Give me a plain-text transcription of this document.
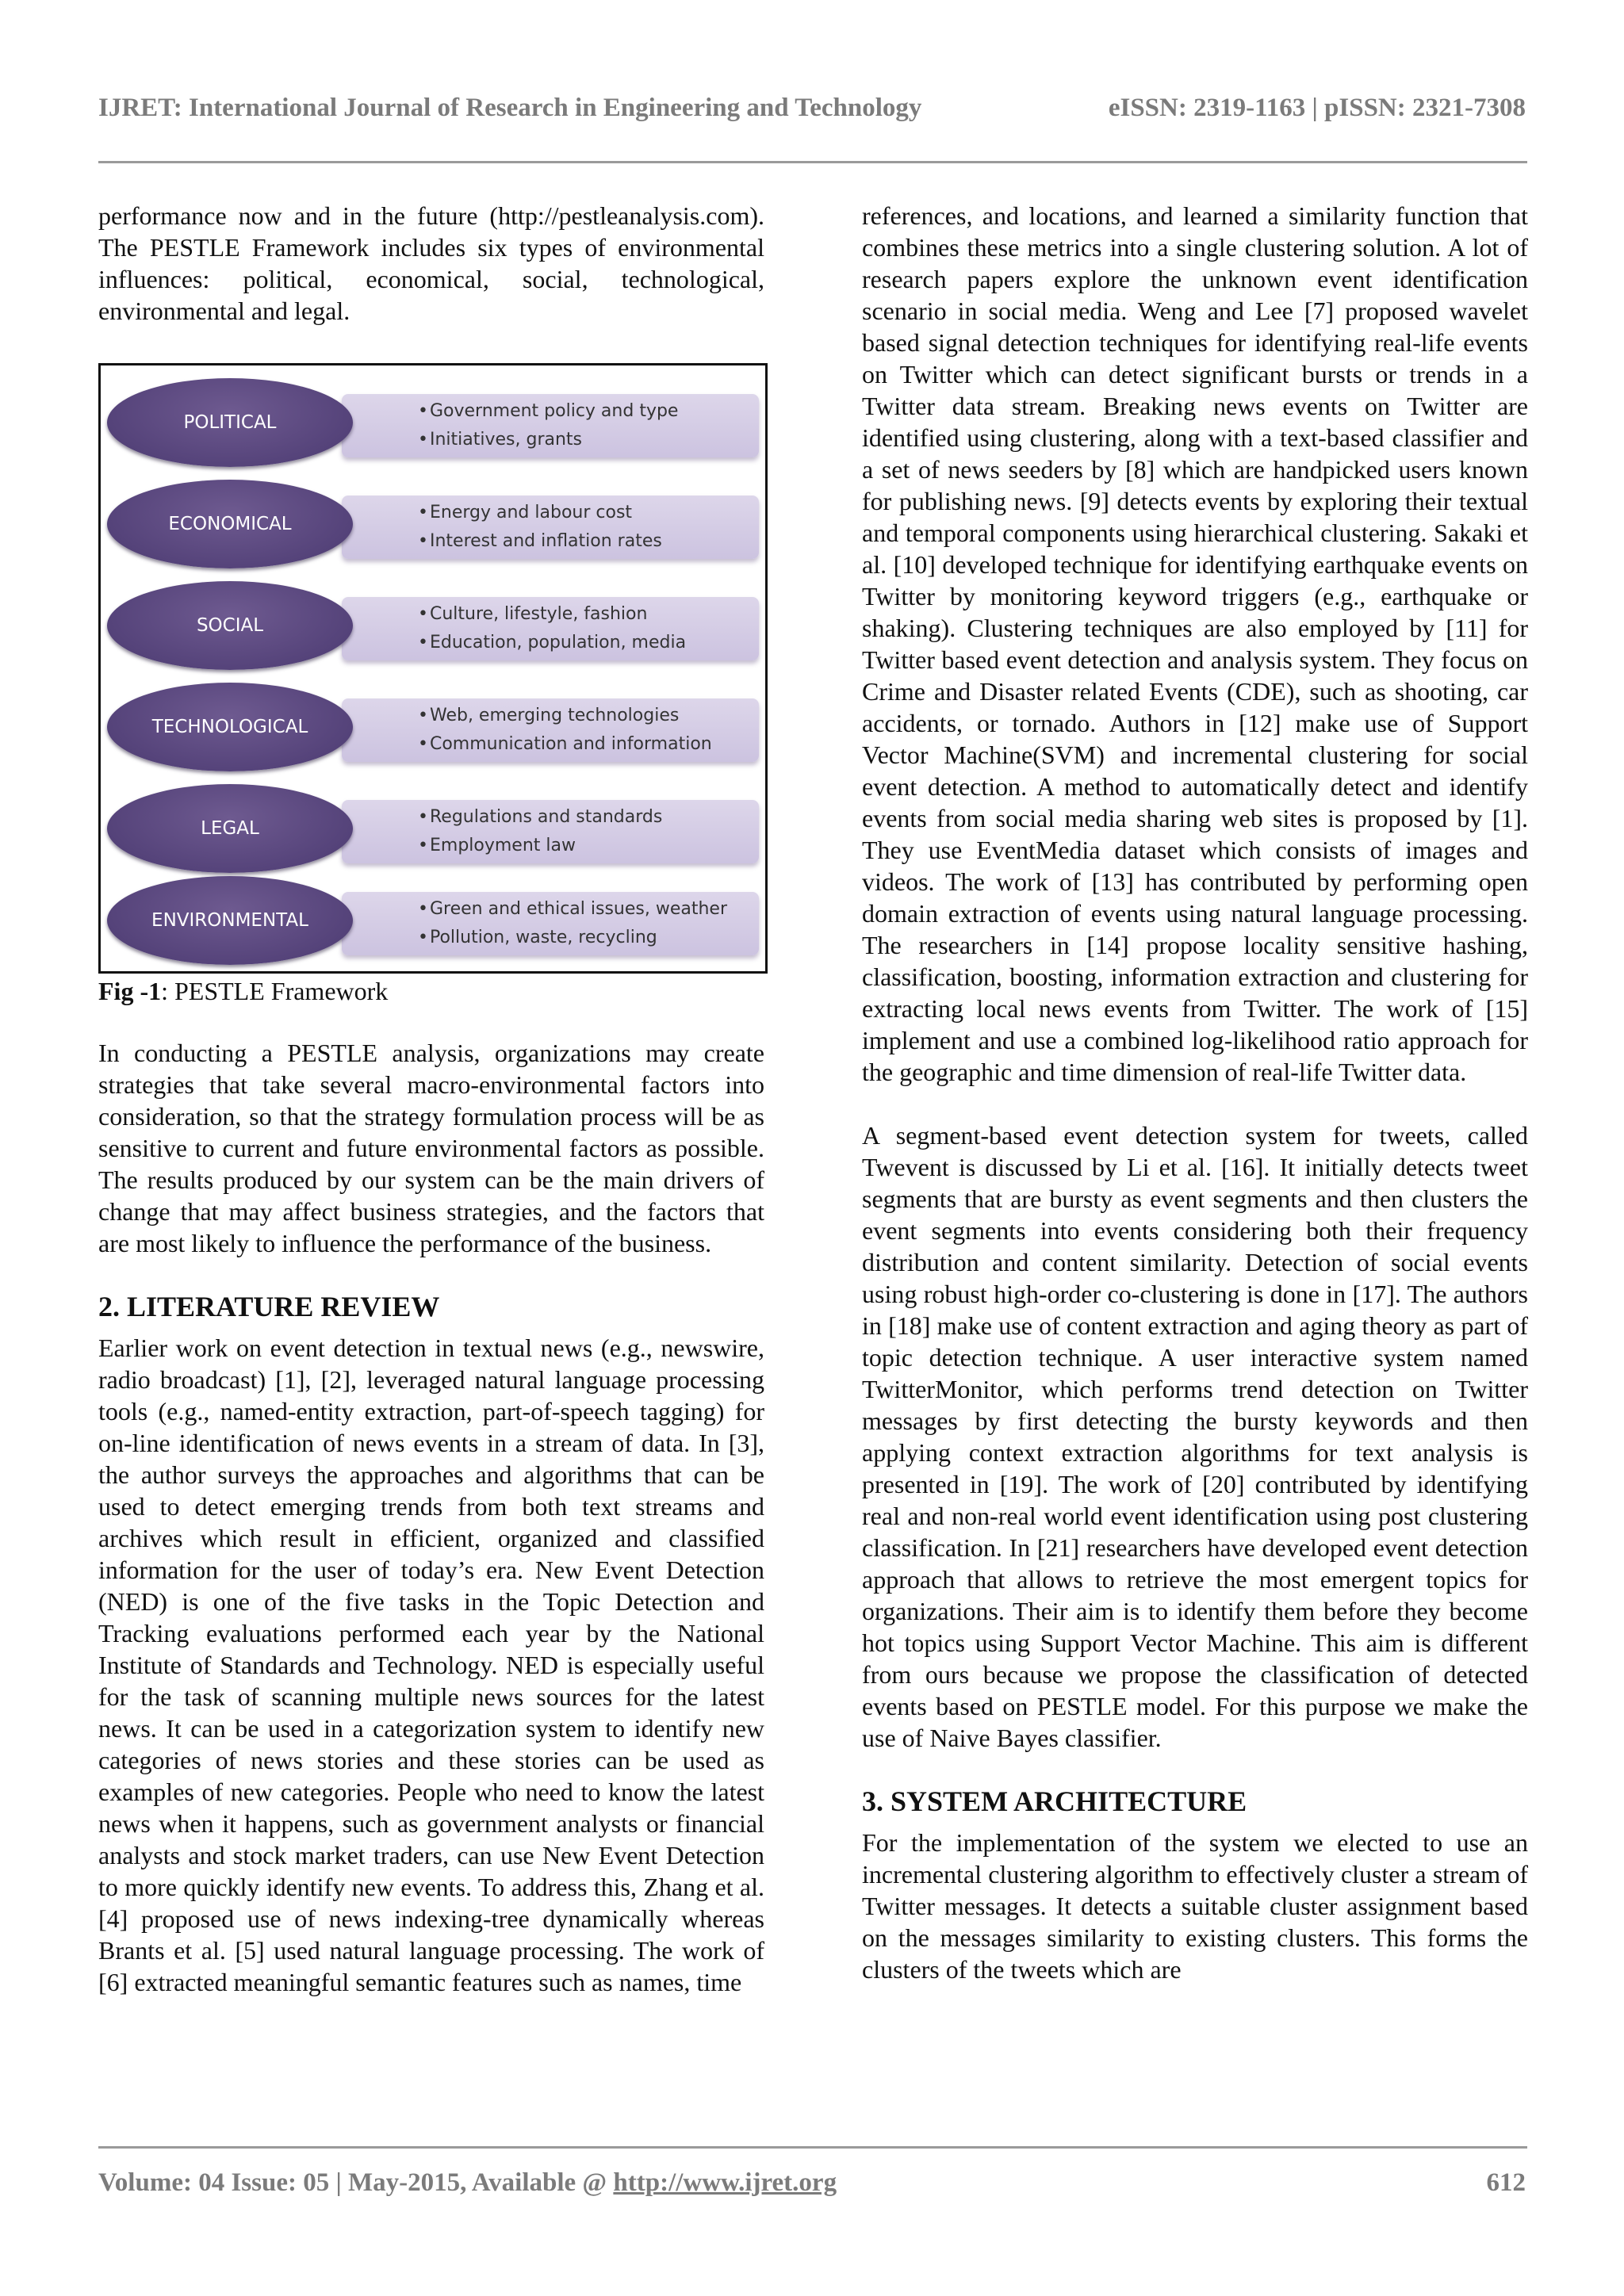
IJRET: International Journal of Research in Engineering and Technology	eISSN: 2319-1163 | pISSN: 2321-7308

performance now and in the future (http://pestleanalysis.com). The PESTLE Framework includes six types of environmental influences: political, economical, social, technological, environmental and legal.

POLITICAL
• Government policy and type
• Initiatives, grants
ECONOMICAL
• Energy and labour cost
• Interest and inflation rates
SOCIAL
• Culture, lifestyle, fashion
• Education, population, media
TECHNOLOGICAL
• Web, emerging technologies
• Communication and information
LEGAL
• Regulations and standards
• Employment law
ENVIRONMENTAL
• Green and ethical issues, weather
• Pollution, waste, recycling

Fig -1: PESTLE Framework

In conducting a PESTLE analysis, organizations may create strategies that take several macro-environmental factors into consideration, so that the strategy formulation process will be as sensitive to current and future environmental factors as possible. The results produced by our system can be the main drivers of change that may affect business strategies, and the factors that are most likely to influence the performance of the business.

2. LITERATURE REVIEW

Earlier work on event detection in textual news (e.g., newswire, radio broadcast) [1], [2], leveraged natural language processing tools (e.g., named-entity extraction, part-of-speech tagging) for on-line identification of news events in a stream of data. In [3], the author surveys the approaches and algorithms that can be used to detect emerging trends from both text streams and archives which result in efficient, organized and classified information for the user of today’s era. New Event Detection (NED) is one of the five tasks in the Topic Detection and Tracking evaluations performed each year by the National Institute of Standards and Technology. NED is especially useful for the task of scanning multiple news sources for the latest news. It can be used in a categorization system to identify new categories of news stories and these stories can be used as examples of new categories. People who need to know the latest news when it happens, such as government analysts or financial analysts and stock market traders, can use New Event Detection to more quickly identify new events. To address this, Zhang et al. [4] proposed use of news indexing-tree dynamically whereas Brants et al. [5] used natural language processing. The work of [6] extracted meaningful semantic features such as names, time

references, and locations, and learned a similarity function that combines these metrics into a single clustering solution. A lot of research papers explore the unknown event identification scenario in social media. Weng and Lee [7] proposed wavelet based signal detection techniques for identifying real-life events on Twitter which can detect significant bursts or trends in a Twitter data stream. Breaking news events on Twitter are identified using clustering, along with a text-based classifier and a set of news seeders by [8] which are handpicked users known for publishing news. [9] detects events by exploring their textual and temporal components using hierarchical clustering. Sakaki et al. [10] developed technique for identifying earthquake events on Twitter by monitoring keyword triggers (e.g., earthquake or shaking). Clustering techniques are also employed by [11] for Twitter based event detection and analysis system. They focus on Crime and Disaster related Events (CDE), such as shooting, car accidents, or tornado. Authors in [12] make use of Support Vector Machine(SVM) and incremental clustering for social event detection. A method to automatically detect and identify events from social media sharing web sites is proposed by [1]. They use EventMedia dataset which consists of images and videos. The work of [13] has contributed by performing open domain extraction of events using natural language processing. The researchers in [14] propose locality sensitive hashing, classification, boosting, information extraction and clustering for extracting local news events from Twitter. The work of [15] implement and use a combined log-likelihood ratio approach for the geographic and time dimension of real-life Twitter data.

A segment-based event detection system for tweets, called Twevent is discussed by Li et al. [16]. It initially detects tweet segments that are bursty as event segments and then clusters the event segments into events considering both their frequency distribution and content similarity. Detection of social events using robust high-order co-clustering is done in [17]. The authors in [18] make use of content extraction and aging theory as part of topic detection technique. A user interactive system named TwitterMonitor, which performs trend detection on Twitter messages by first detecting the bursty keywords and then applying context extraction algorithms for text analysis is presented in [19]. The work of [20] contributed by identifying real and non-real world event identification using post clustering classification. In [21] researchers have developed event detection approach that allows to retrieve the most emergent topics for organizations. Their aim is to identify them before they become hot topics using Support Vector Machine. This aim is different from ours because we propose the classification of detected events based on PESTLE model. For this purpose we make the use of Naive Bayes classifier.

3. SYSTEM ARCHITECTURE

For the implementation of the system we elected to use an incremental clustering algorithm to effectively cluster a stream of Twitter messages. It detects a suitable cluster assignment based on the messages similarity to existing clusters. This forms the clusters of the tweets which are

Volume: 04 Issue: 05 | May-2015, Available @ http://www.ijret.org	612
